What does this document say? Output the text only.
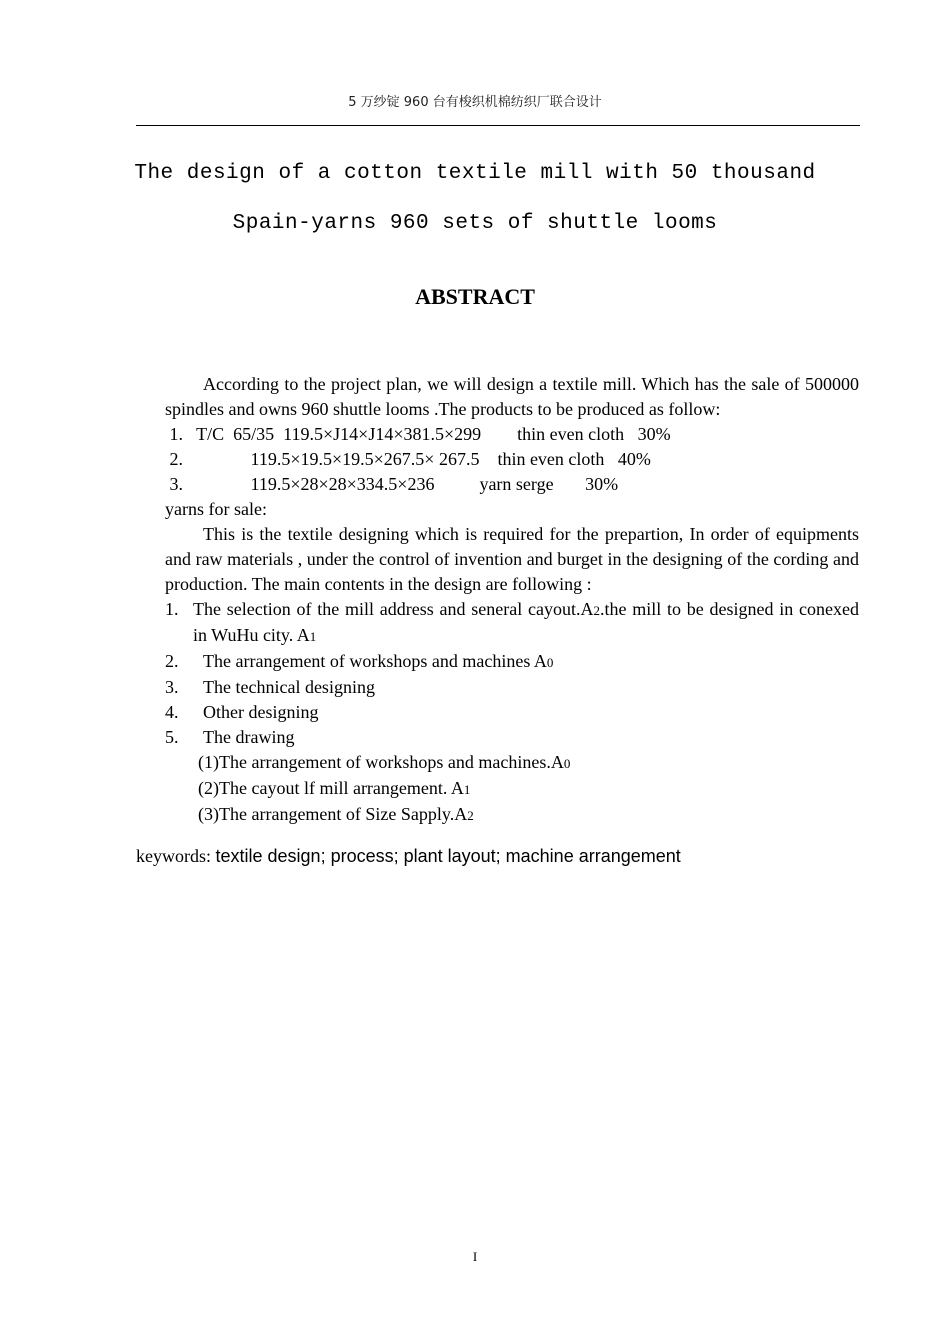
5 万纱锭 960 台有梭织机棉纺织厂联合设计
The design of a cotton textile mill with 50 thousand
Spain-yarns 960 sets of shuttle looms
ABSTRACT

According to the project plan, we will design a textile mill. Which has the sale of 500000 spindles and owns 960 shuttle looms .The products to be produced as follow:

1.   T/C  65/35  119.5×J14×J14×381.5×299        thin even cloth   30%

2.               119.5×19.5×19.5×267.5× 267.5    thin even cloth   40%

3.               119.5×28×28×334.5×236          yarn serge       30%

yarns for sale:

This is the textile designing which is required for the prepartion, In order of equipments and raw materials , under the control of invention and burget in the designing of the cording and production. The main contents in the design are following :

1. The selection of the mill address and seneral cayout.A2.the mill to be designed in conexed in WuHu city. A1
2.	The arrangement of workshops and machines A0
3.	The technical designing
4.	Other designing
5.	The drawing

(1)The arrangement of workshops and machines.A0

(2)The cayout lf mill arrangement. A1

(3)The arrangement of Size Sapply.A2

keywords: textile design; process; plant layout; machine arrangement
I
